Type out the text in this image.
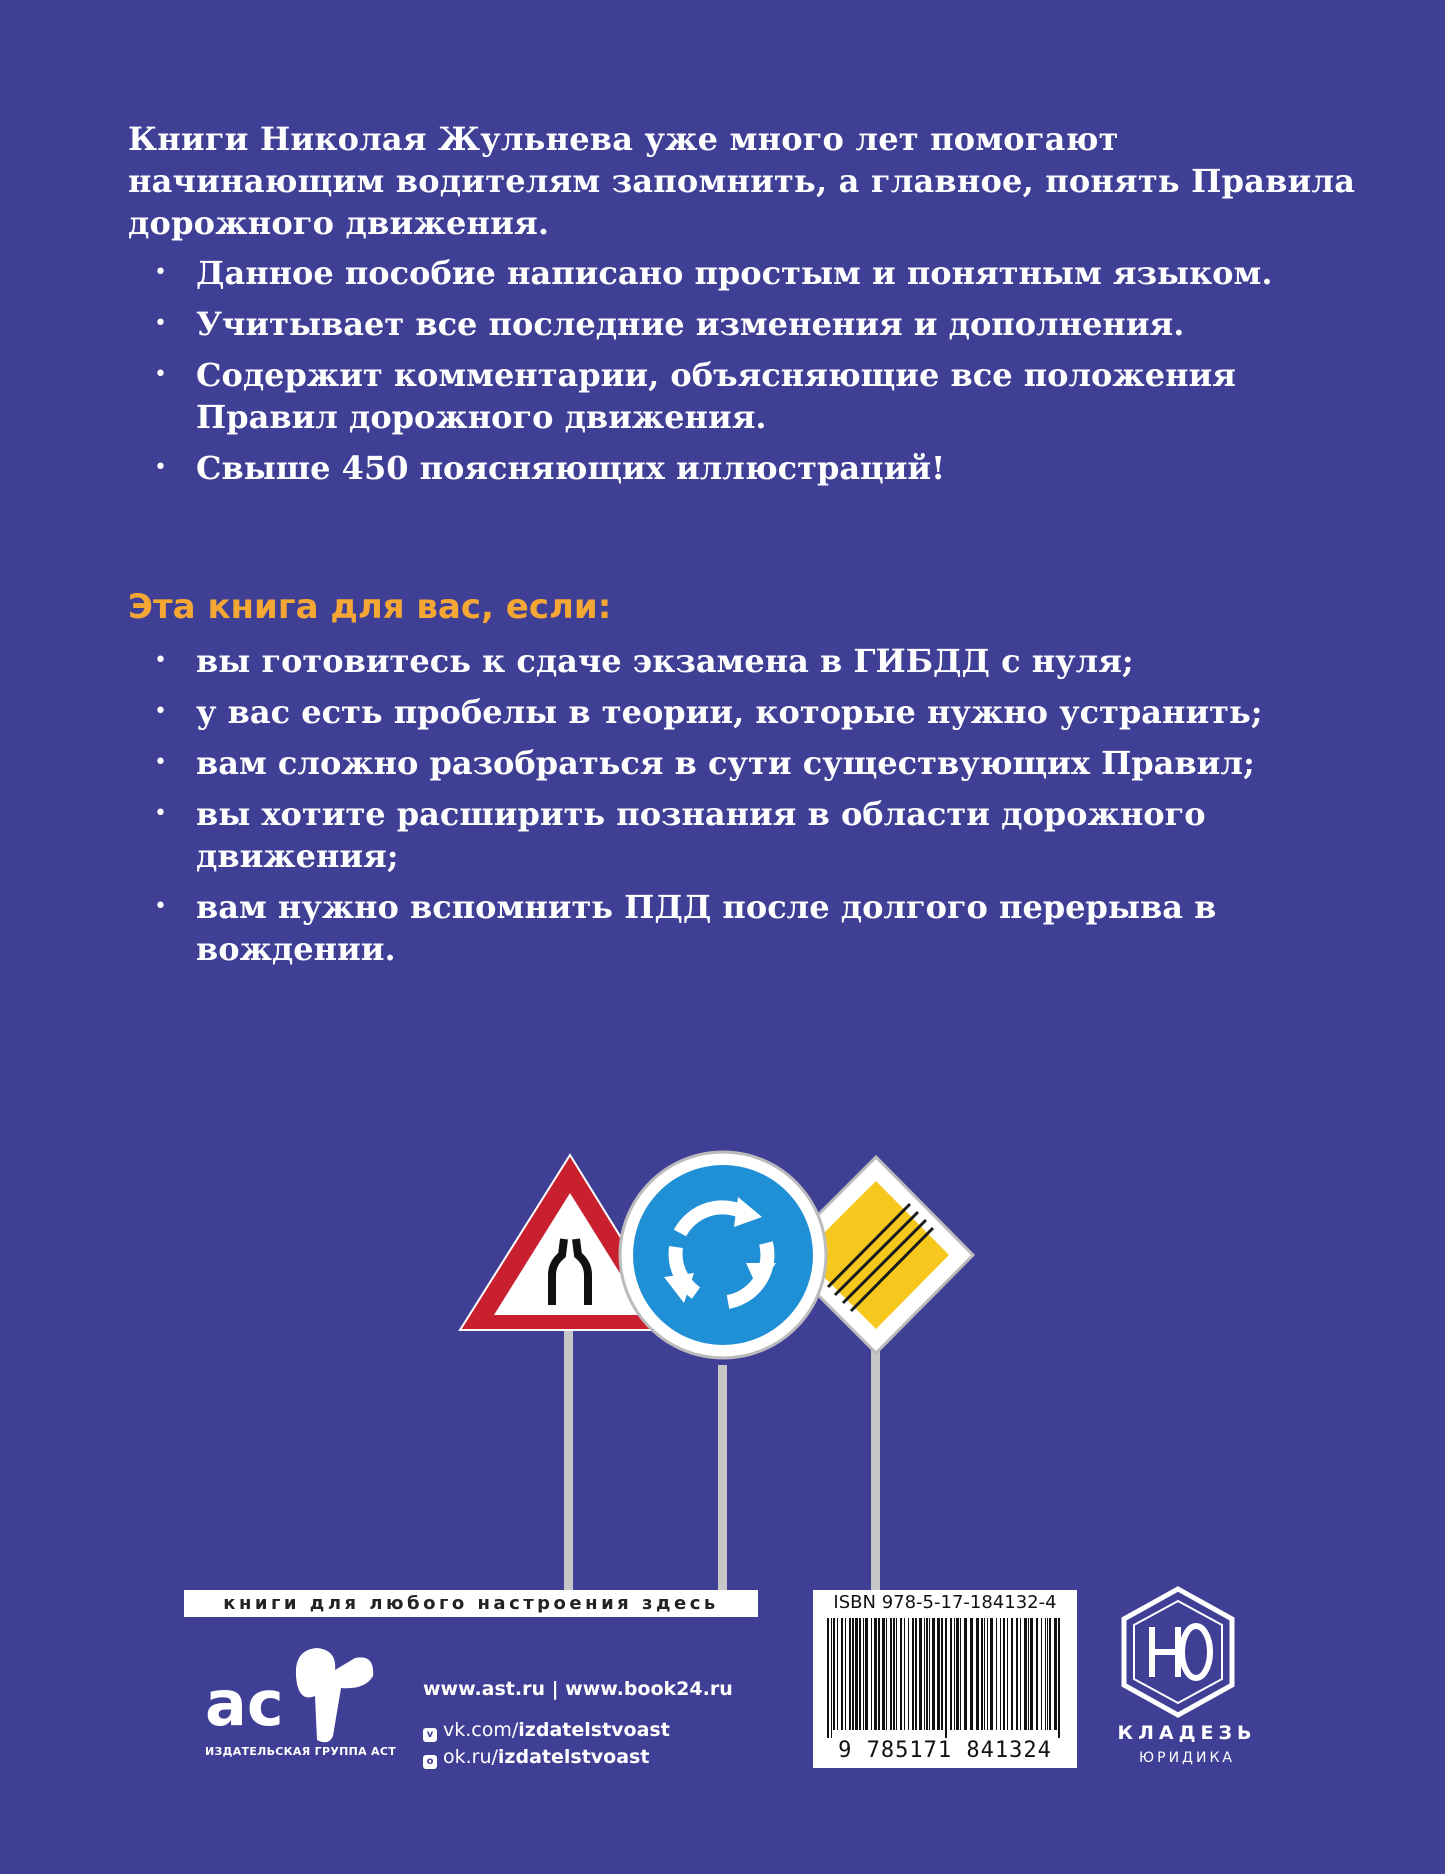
Книги Николая Жульнева уже много лет помогают начинающим водителям запомнить, а главное, понять Правила дорожного движения.
• Данное пособие написано простым и понятным языком.
• Учитывает все последние изменения и дополнения.
• Содержит комментарии, объясняющие все положения Правил дорожного движения.
• Свыше 450 поясняющих иллюстраций!
Эта книга для вас, если:
• вы готовитесь к сдаче экзамена в ГИБДД с нуля;
• у вас есть пробелы в теории, которые нужно устранить;
• вам сложно разобраться в сути существующих Правил;
• вы хотите расширить познания в области дорожного движения;
• вам нужно вспомнить ПДД после долгого перерыва в вождении.
книги для любого настроения здесь
ас
ИЗДАТЕЛЬСКАЯ ГРУППА АСТ
www.ast.ru | www.book24.ru
v vk.com/izdatelstvoast
o ok.ru/izdatelstvoast
ISBN 978-5-17-184132-4
9 785171 841324
КЛАДЕЗЬ
ЮРИДИКА
